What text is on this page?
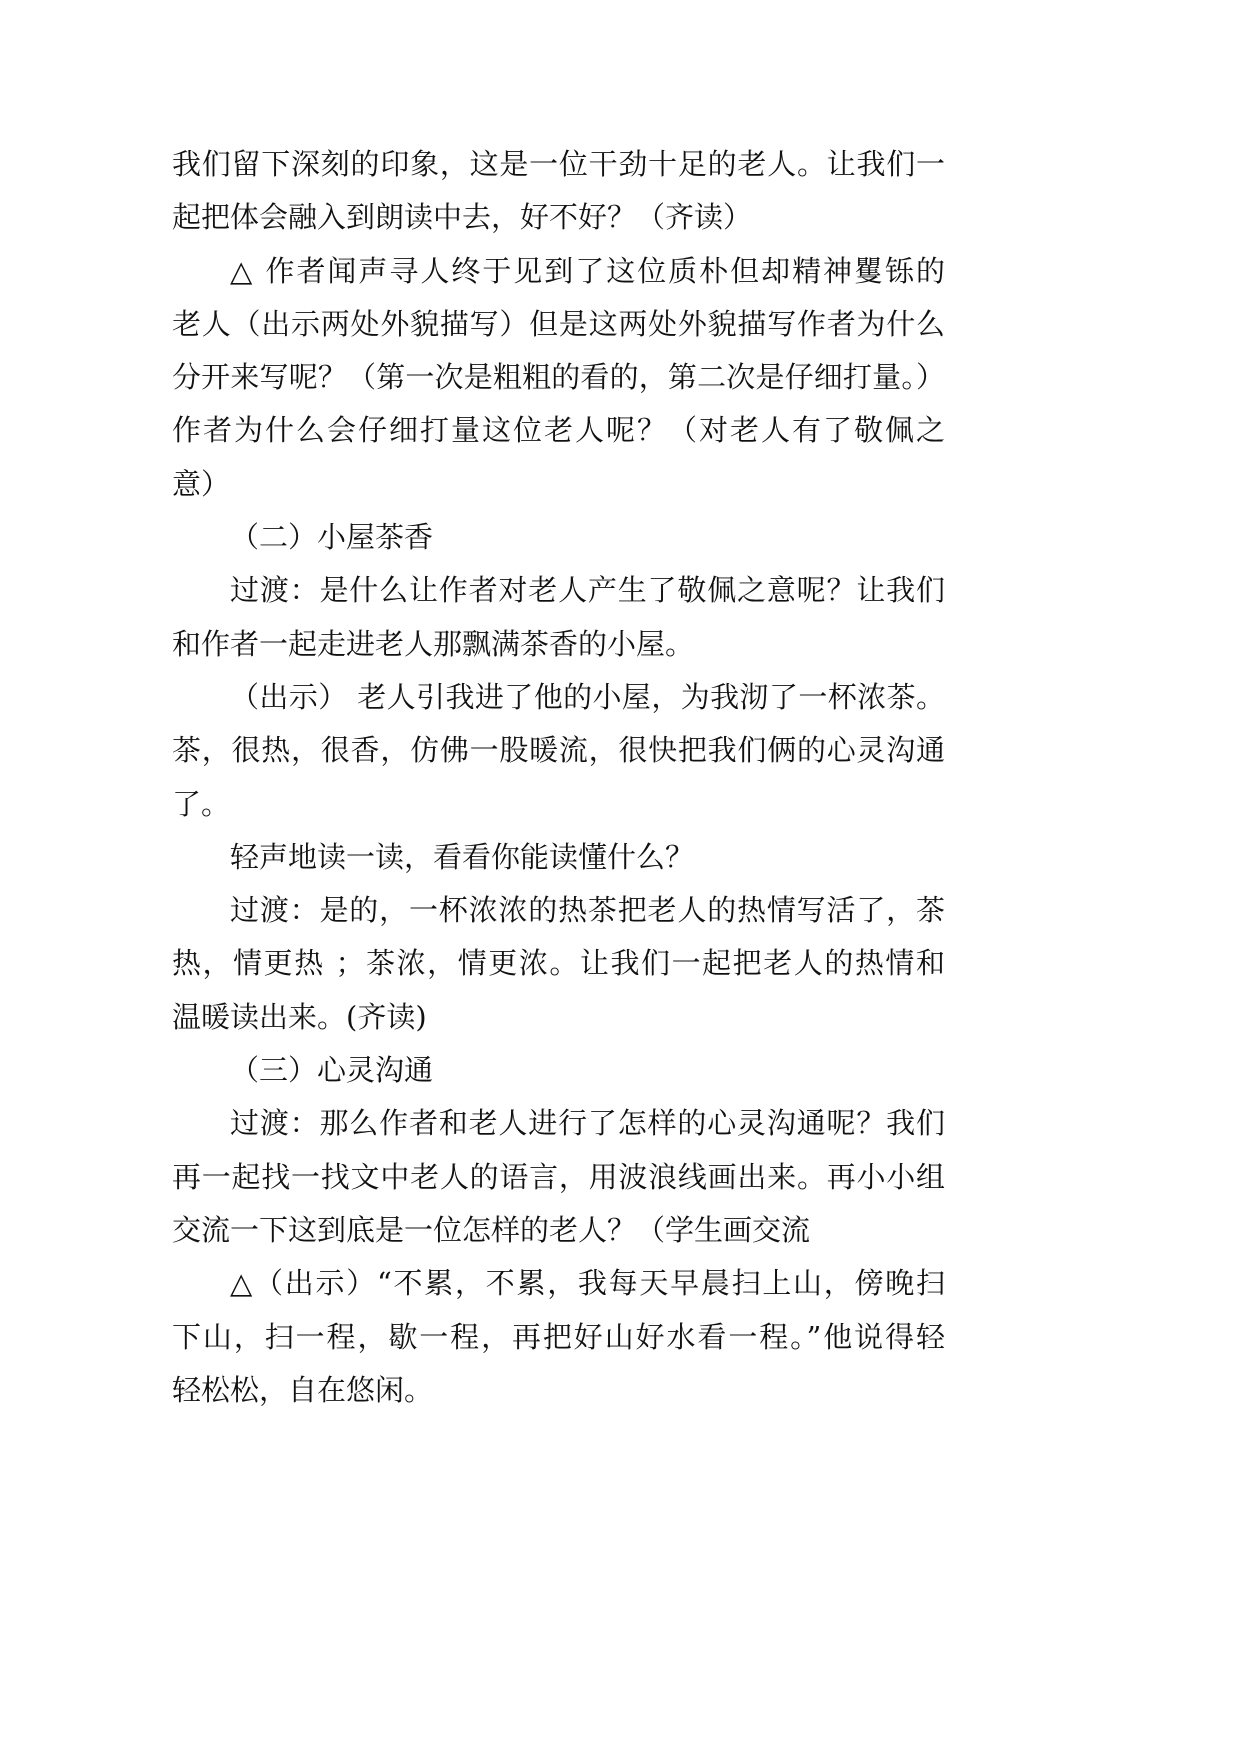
我们留下深刻的印象，这是一位干劲十足的老人。让我们一
起把体会融入到朗读中去，好不好？（齐读）
△ 作者闻声寻人终于见到了这位质朴但却精神矍铄的
老人（出示两处外貌描写）但是这两处外貌描写作者为什么
分开来写呢？（第一次是粗粗的看的，第二次是仔细打量。）
作者为什么会仔细打量这位老人呢？（对老人有了敬佩之
意）
（二）小屋茶香
过渡：是什么让作者对老人产生了敬佩之意呢？让我们
和作者一起走进老人那飘满茶香的小屋。
（出示） 老人引我进了他的小屋，为我沏了一杯浓茶。
茶，很热，很香，仿佛一股暖流，很快把我们俩的心灵沟通
了。
轻声地读一读，看看你能读懂什么？
过渡：是的，一杯浓浓的热茶把老人的热情写活了，茶
热，情更热 ；茶浓，情更浓。让我们一起把老人的热情和
温暖读出来。(齐读)
（三）心灵沟通
过渡：那么作者和老人进行了怎样的心灵沟通呢？我们
再一起找一找文中老人的语言，用波浪线画出来。再小小组
交流一下这到底是一位怎样的老人？（学生画交流
△（出示）“不累，不累，我每天早晨扫上山，傍晚扫
下山，扫一程，歇一程，再把好山好水看一程。”他说得轻
轻松松，自在悠闲。
